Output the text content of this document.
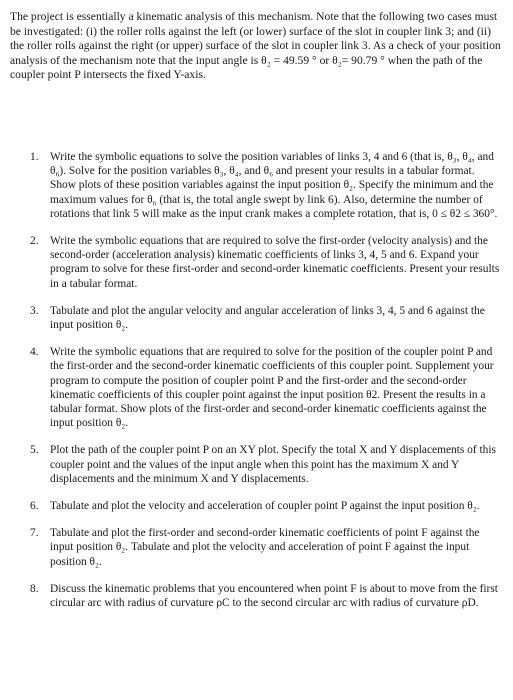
The project is essentially a kinematic analysis of this mechanism. Note that the following two cases must be investigated: (i) the roller rolls against the left (or lower) surface of the slot in coupler link 3; and (ii) the roller rolls against the right (or upper) surface of the slot in coupler link 3. As a check of your position analysis of the mechanism note that the input angle is θ₂ = 49.59 ° or θ₂= 90.79 ° when the path of the coupler point P intersects the fixed Y-axis.

1.	Write the symbolic equations to solve the position variables of links 3, 4 and 6 (that is, θ₃, θ₄, and θ₆). Solve for the position variables θ₃, θ₄, and θ₆ and present your results in a tabular format. Show plots of these position variables against the input position θ₂. Specify the minimum and the maximum values for θ₆ (that is, the total angle swept by link 6). Also, determine the number of rotations that link 5 will make as the input crank makes a complete rotation, that is, 0 ≤ θ2 ≤ 360°.
2.	Write the symbolic equations that are required to solve the first-order (velocity analysis) and the second-order (acceleration analysis) kinematic coefficients of links 3, 4, 5 and 6. Expand your program to solve for these first-order and second-order kinematic coefficients. Present your results in a tabular format.
3.	Tabulate and plot the angular velocity and angular acceleration of links 3, 4, 5 and 6 against the input position θ₂.
4.	Write the symbolic equations that are required to solve for the position of the coupler point P and the first-order and the second-order kinematic coefficients of this coupler point. Supplement your program to compute the position of coupler point P and the first-order and the second-order kinematic coefficients of this coupler point against the input position θ2. Present the results in a tabular format. Show plots of the first-order and second-order kinematic coefficients against the input position θ₂.
5.	Plot the path of the coupler point P on an XY plot. Specify the total X and Y displacements of this coupler point and the values of the input angle when this point has the maximum X and Y displacements and the minimum X and Y displacements.
6.	Tabulate and plot the velocity and acceleration of coupler point P against the input position θ₂.
7.	Tabulate and plot the first-order and second-order kinematic coefficients of point F against the input position θ₂. Tabulate and plot the velocity and acceleration of point F against the input position θ₂.
8.	Discuss the kinematic problems that you encountered when point F is about to move from the first circular arc with radius of curvature ρC to the second circular arc with radius of curvature ρD.
